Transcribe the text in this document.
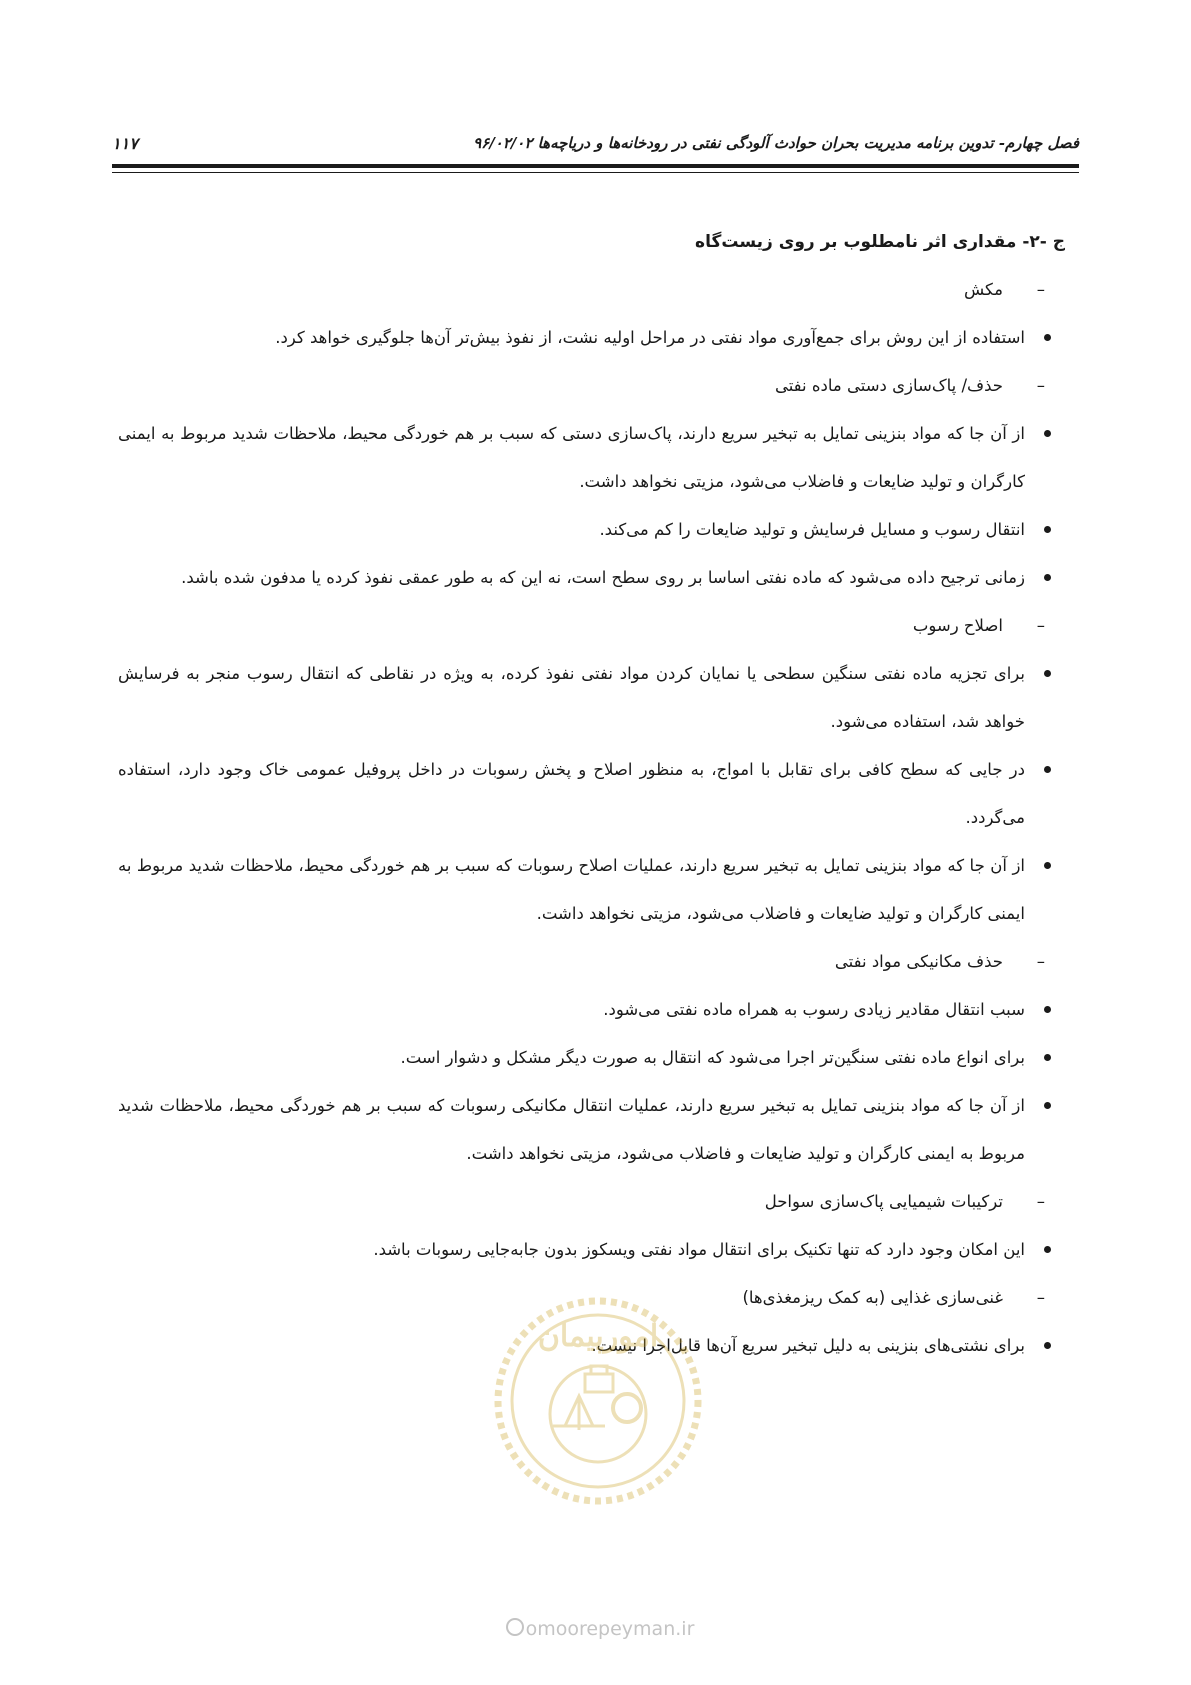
فصل چهارم- تدوین برنامه مدیریت بحران حوادث آلودگی نفتی در رودخانه‌ها و دریاچه‌ها ۹۶/۰۲/۰۲
۱۱۷

ج -۲- مقداری اثر نامطلوب بر روی زیست‌گاه

–
مکش

استفاده از این روش برای جمع‌آوری مواد نفتی در مراحل اولیه نشت، از نفوذ بیش‌تر آن‌ها جلوگیری خواهد کرد.

–
حذف/ پاک‌سازی دستی ماده نفتی

از آن جا که مواد بنزینی تمایل به تبخیر سریع دارند، پاک‌سازی دستی که سبب بر هم خوردگی محیط، ملاحظات شدید مربوط به ایمنی کارگران و تولید ضایعات و فاضلاب می‌شود، مزیتی نخواهد داشت.

انتقال رسوب و مسایل فرسایش و تولید ضایعات را کم می‌کند.

زمانی ترجیح داده می‌شود که ماده نفتی اساسا بر روی سطح است، نه این که به طور عمقی نفوذ کرده یا مدفون شده باشد.

–
اصلاح رسوب

برای تجزیه ماده نفتی سنگین سطحی یا نمایان کردن مواد نفتی نفوذ کرده، به ویژه در نقاطی که انتقال رسوب منجر به فرسایش خواهد شد، استفاده می‌شود.

در جایی که سطح کافی برای تقابل با امواج، به منظور اصلاح و پخش رسوبات در داخل پروفیل عمومی خاک وجود دارد، استفاده می‌گردد.

از آن جا که مواد بنزینی تمایل به تبخیر سریع دارند، عملیات اصلاح رسوبات که سبب بر هم خوردگی محیط، ملاحظات شدید مربوط به ایمنی کارگران و تولید ضایعات و فاضلاب می‌شود، مزیتی نخواهد داشت.

–
حذف مکانیکی مواد نفتی

سبب انتقال مقادیر زیادی رسوب به همراه ماده نفتی می‌شود.

برای انواع ماده نفتی سنگین‌تر اجرا می‌شود که انتقال به صورت دیگر مشکل و دشوار است.

از آن جا که مواد بنزینی تمایل به تبخیر سریع دارند، عملیات انتقال مکانیکی رسوبات که سبب بر هم خوردگی محیط، ملاحظات شدید مربوط به ایمنی کارگران و تولید ضایعات و فاضلاب می‌شود، مزیتی نخواهد داشت.

–
ترکیبات شیمیایی پاک‌سازی سواحل

این امکان وجود دارد که تنها تکنیک برای انتقال مواد نفتی ویسکوز بدون جابه‌جایی رسوبات باشد.

–
غنی‌سازی غذایی (به کمک ریزمغذی‌ها)

برای نشتی‌های بنزینی به دلیل تبخیر سریع آن‌ها قابل‌اجرا نیست.

امورپیمان
omoorepeyman.ir
